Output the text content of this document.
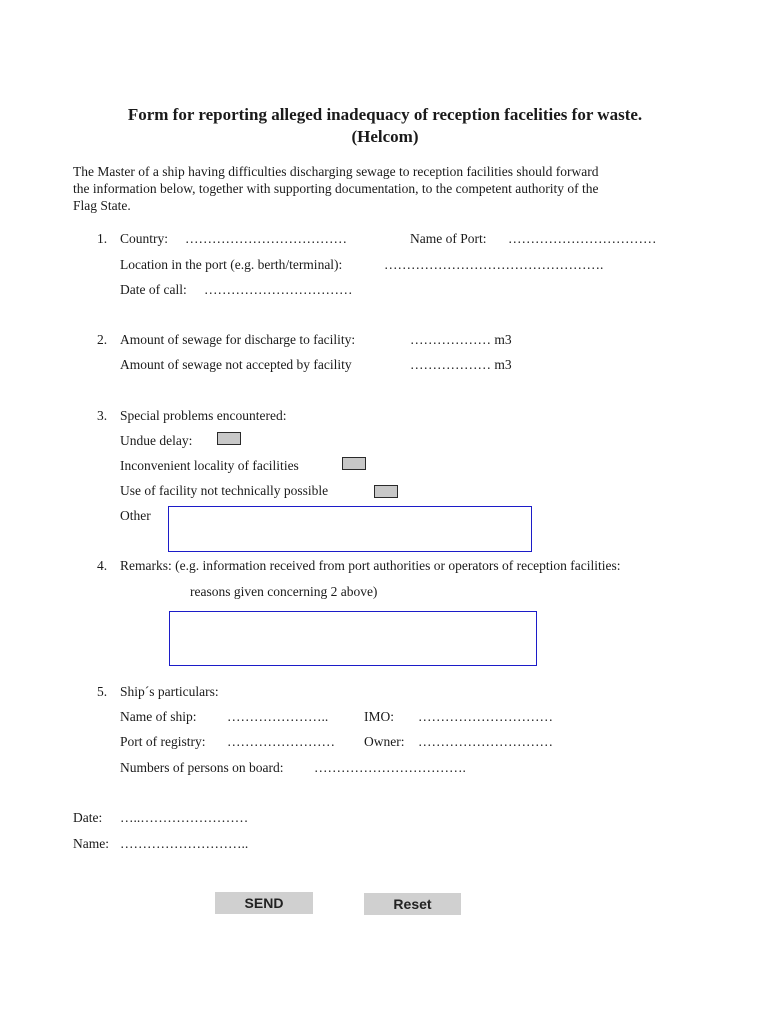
Form for reporting alleged inadequacy of reception facelities for waste.
(Helcom)
The Master of a ship having difficulties discharging sewage to reception facilities should forward
the information below, together with supporting documentation, to the competent authority of the
Flag State.
1. Country: ………………………………	Name of Port: ……………………………
Location in the port (e.g. berth/terminal):	………………………………………….
Date of call: ……………………………
2. Amount of sewage for discharge to facility:	……………… m3
Amount of sewage not accepted by facility	……………… m3
3. Special problems encountered:
Undue delay:
Inconvenient locality of facilities
Use of facility not technically possible
Other
4. Remarks: (e.g. information received from port authorities or operators of reception facilities:
reasons given concerning 2 above)
5. Ship´s particulars:
Name of ship: …………………..	IMO: …………………………
Port of registry: …………………… Owner: …………………………
Numbers of persons on board: …………………………….
Date: …..……………………
Name: ………………………..
SEND	Reset
